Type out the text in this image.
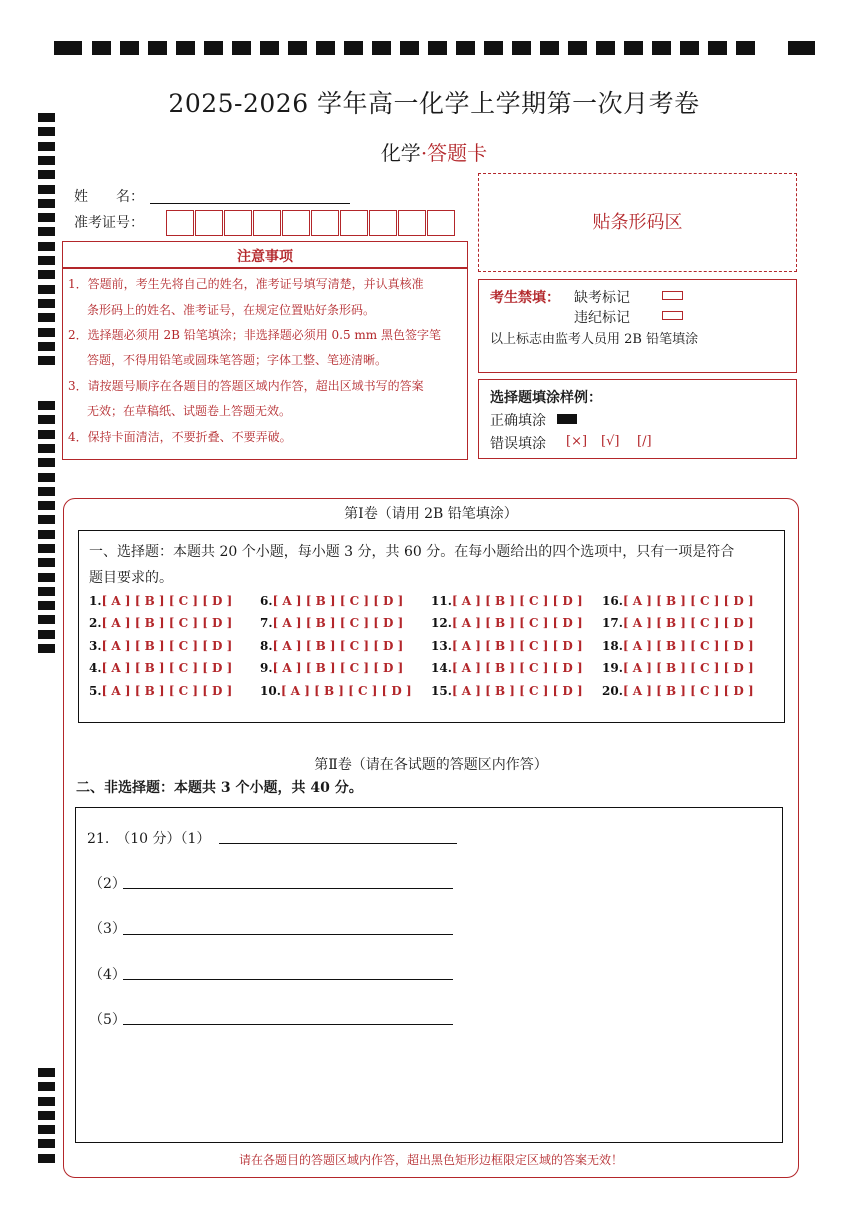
2025-2026 学年高一化学上学期第一次月考卷
化学·答题卡
姓　　名：
准考证号：
注意事项
1．答题前，考生先将自己的姓名，准考证号填写清楚，并认真核准
条形码上的姓名、准考证号，在规定位置贴好条形码。
2．选择题必须用 2B 铅笔填涂；非选择题必须用 0.5 mm 黑色签字笔
答题，不得用铅笔或圆珠笔答题；字体工整、笔迹清晰。
3．请按题号顺序在各题目的答题区域内作答，超出区域书写的答案
无效；在草稿纸、试题卷上答题无效。
4．保持卡面清洁，不要折叠、不要弄破。
贴条形码区
考生禁填： 缺考标记
违纪标记
以上标志由监考人员用 2B 铅笔填涂
选择题填涂样例：
正确填涂
错误填涂 [×] [√] [/]
第Ⅰ卷（请用 2B 铅笔填涂）
一、选择题：本题共 20 个小题，每小题 3 分，共 60 分。在每小题给出的四个选项中，只有一项是符合
题目要求的。
1.[ A ] [ B ] [ C ] [ D ]
2.[ A ] [ B ] [ C ] [ D ]
3.[ A ] [ B ] [ C ] [ D ]
4.[ A ] [ B ] [ C ] [ D ]
5.[ A ] [ B ] [ C ] [ D ]
6.[ A ] [ B ] [ C ] [ D ]
7.[ A ] [ B ] [ C ] [ D ]
8.[ A ] [ B ] [ C ] [ D ]
9.[ A ] [ B ] [ C ] [ D ]
10.[ A ] [ B ] [ C ] [ D ]
11.[ A ] [ B ] [ C ] [ D ]
12.[ A ] [ B ] [ C ] [ D ]
13.[ A ] [ B ] [ C ] [ D ]
14.[ A ] [ B ] [ C ] [ D ]
15.[ A ] [ B ] [ C ] [ D ]
16.[ A ] [ B ] [ C ] [ D ]
17.[ A ] [ B ] [ C ] [ D ]
18.[ A ] [ B ] [ C ] [ D ]
19.[ A ] [ B ] [ C ] [ D ]
20.[ A ] [ B ] [ C ] [ D ]
第Ⅱ卷（请在各试题的答题区内作答）
二、非选择题：本题共 3 个小题，共 40 分。
21.　（10 分）（1）
（2）
（3）
（4）
（5）
请在各题目的答题区域内作答，超出黑色矩形边框限定区域的答案无效！
